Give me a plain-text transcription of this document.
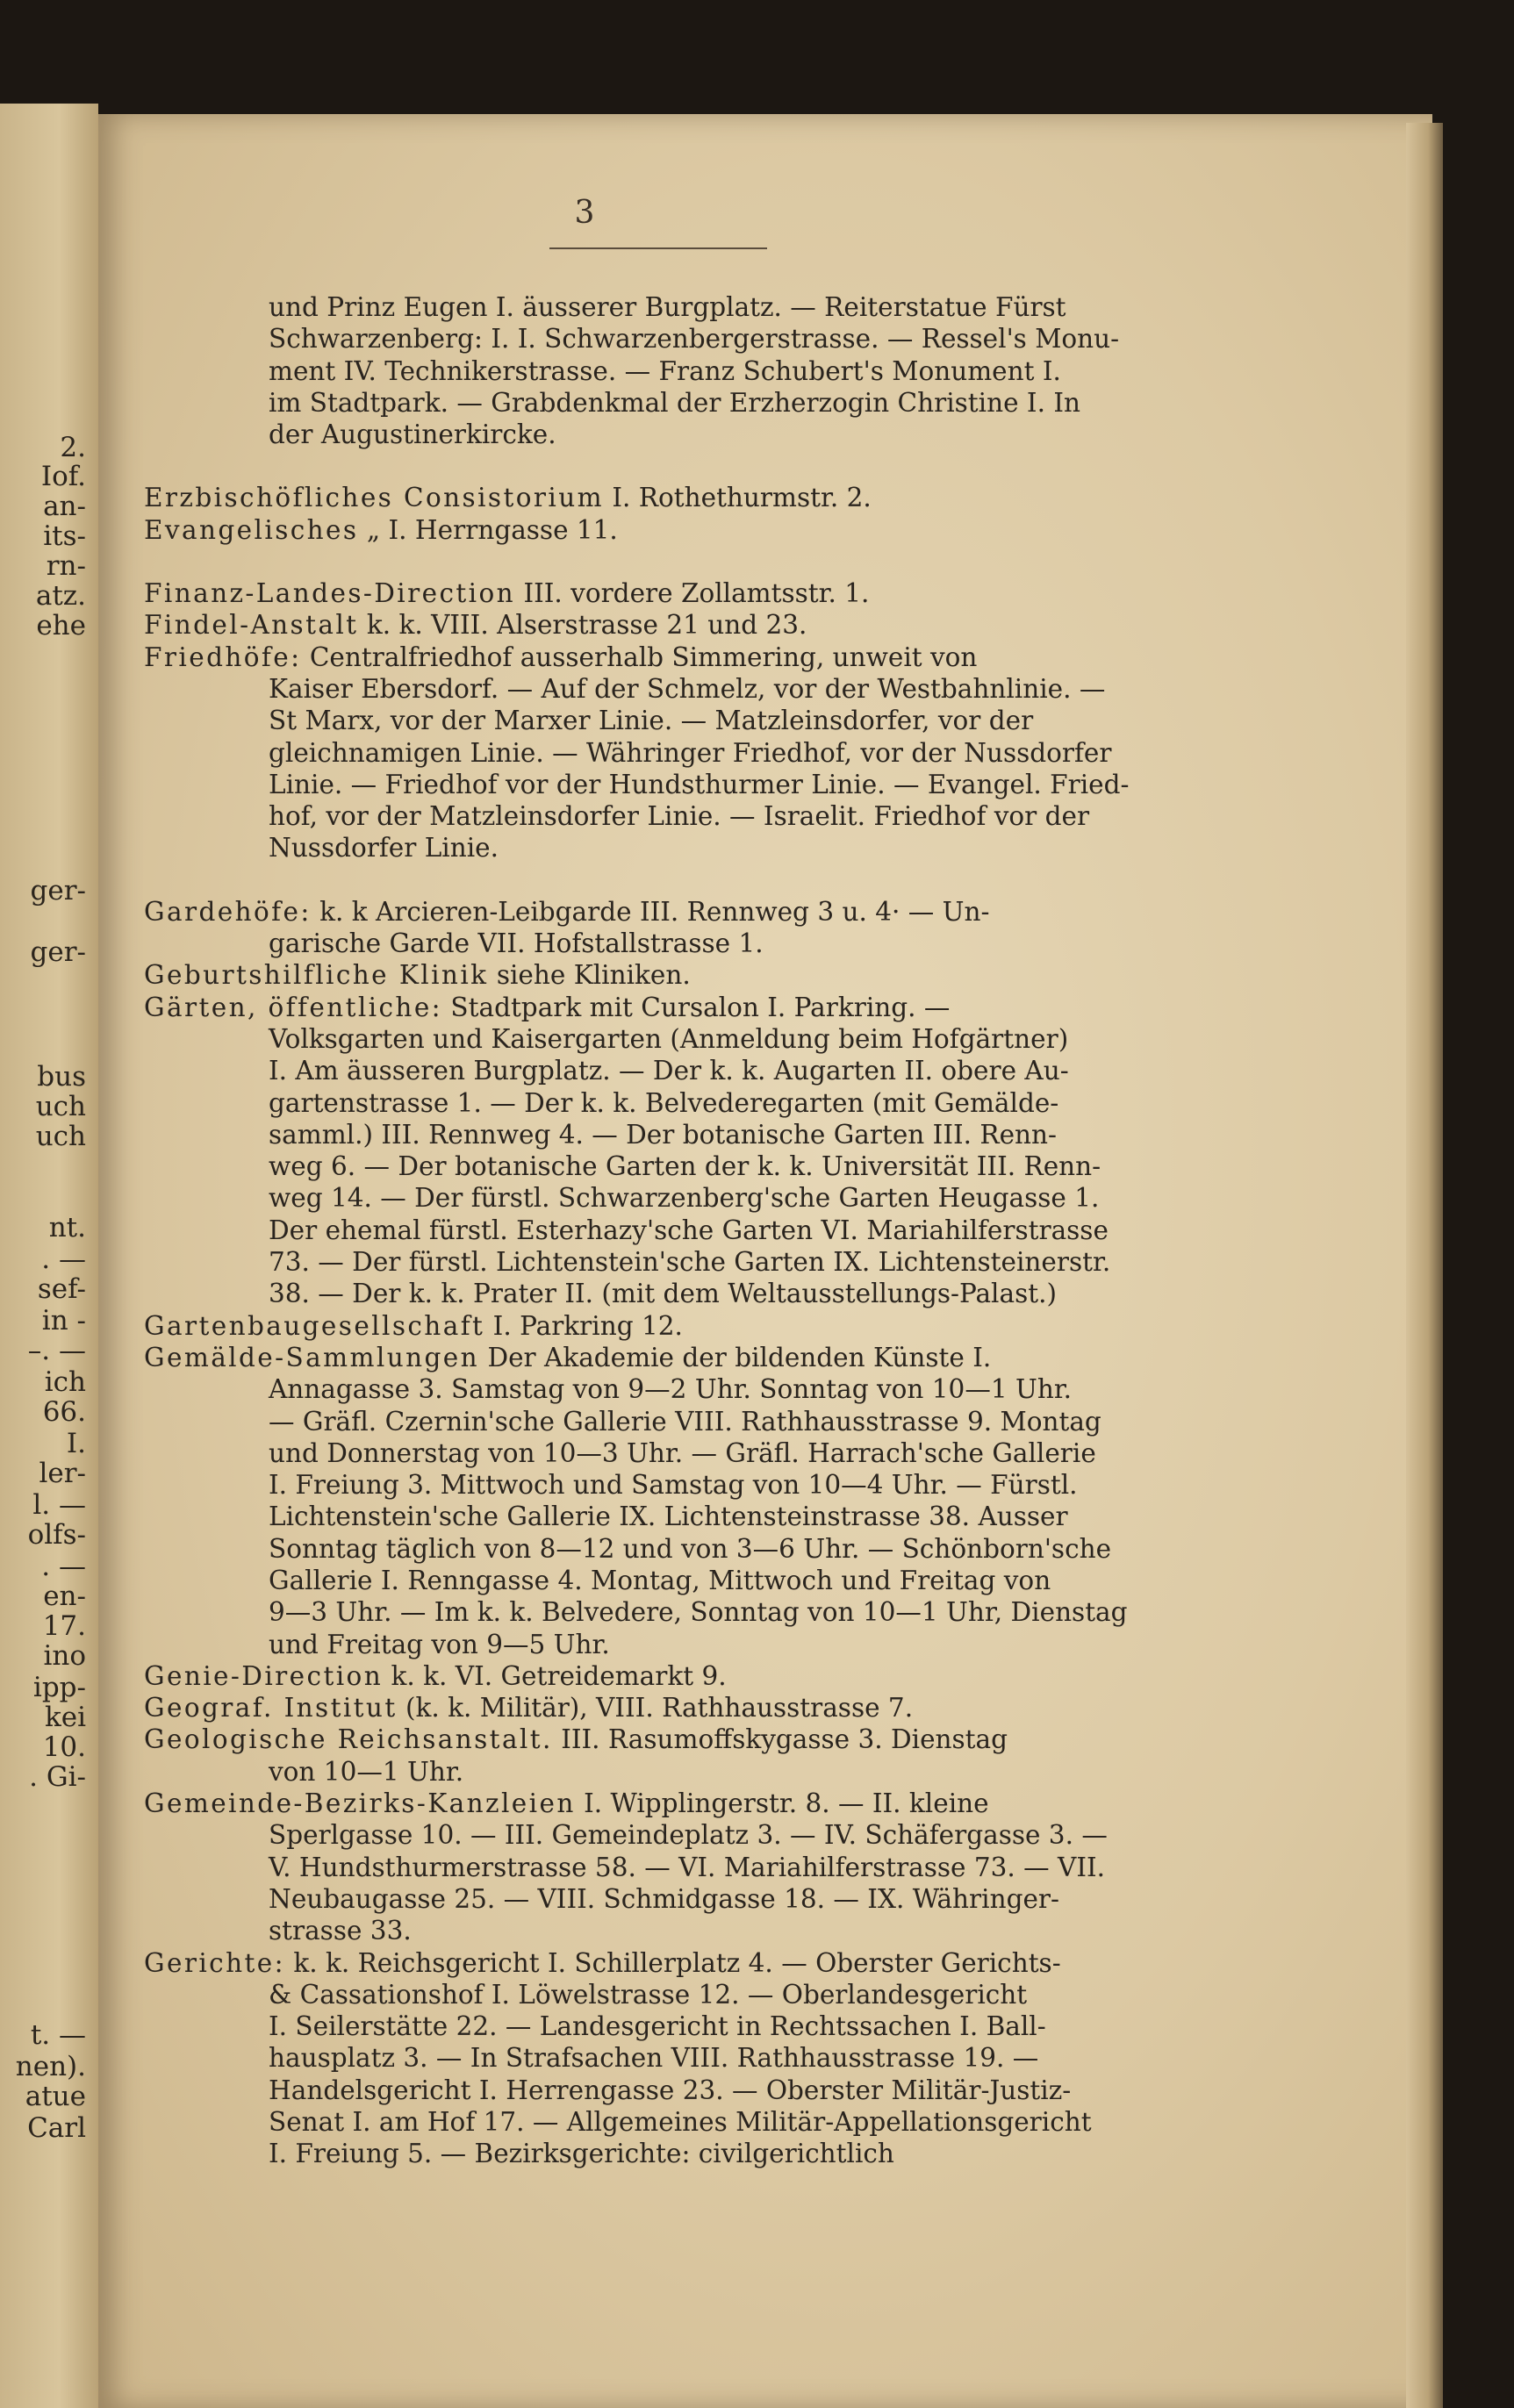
2.
Iof.
an-
its-
rn-
atz.
ehe
ger-
ger-
bus
uch
uch
nt.
. —
sef-
in -
–. —
ich
66.
I.
ler-
l. —
olfs-
. —
en-
17.
ino
ipp-
kei
10.
. Gi-
t. —
nen).
atue
Carl
3
und Prinz Eugen I. äusserer Burgplatz. — Reiterstatue Fürst
Schwarzenberg: I. I. Schwarzenbergerstrasse. — Ressel's Monu-
ment IV. Technikerstrasse. — Franz Schubert's Monument I.
im Stadtpark. — Grabdenkmal der Erzherzogin Christine I. In
der Augustinerkircke.
Erzbischöfliches Consistorium I. Rothethurmstr. 2.
Evangelisches „ I. Herrngasse 11.
Finanz-Landes-Direction III. vordere Zollamtsstr. 1.
Findel-Anstalt k. k. VIII. Alserstrasse 21 und 23.
Friedhöfe: Centralfriedhof ausserhalb Simmering, unweit von
Kaiser Ebersdorf. — Auf der Schmelz, vor der Westbahnlinie. —
St Marx, vor der Marxer Linie. — Matzleinsdorfer, vor der
gleichnamigen Linie. — Währinger Friedhof, vor der Nussdorfer
Linie. — Friedhof vor der Hundsthurmer Linie. — Evangel. Fried-
hof, vor der Matzleinsdorfer Linie. — Israelit. Friedhof vor der
Nussdorfer Linie.
Gardehöfe: k. k Arcieren-Leibgarde III. Rennweg 3 u. 4· — Un-
garische Garde VII. Hofstallstrasse 1.
Geburtshilfliche Klinik siehe Kliniken.
Gärten, öffentliche: Stadtpark mit Cursalon I. Parkring. —
Volksgarten und Kaisergarten (Anmeldung beim Hofgärtner)
I. Am äusseren Burgplatz. — Der k. k. Augarten II. obere Au-
gartenstrasse 1. — Der k. k. Belvederegarten (mit Gemälde-
samml.) III. Rennweg 4. — Der botanische Garten III. Renn-
weg 6. — Der botanische Garten der k. k. Universität III. Renn-
weg 14. — Der fürstl. Schwarzenberg'sche Garten Heugasse 1.
Der ehemal fürstl. Esterhazy'sche Garten VI. Mariahilferstrasse
73. — Der fürstl. Lichtenstein'sche Garten IX. Lichtensteinerstr.
38. — Der k. k. Prater II. (mit dem Weltausstellungs-Palast.)
Gartenbaugesellschaft I. Parkring 12.
Gemälde-Sammlungen Der Akademie der bildenden Künste I.
Annagasse 3. Samstag von 9—2 Uhr. Sonntag von 10—1 Uhr.
— Gräfl. Czernin'sche Gallerie VIII. Rathhausstrasse 9. Montag
und Donnerstag von 10—3 Uhr. — Gräfl. Harrach'sche Gallerie
I. Freiung 3. Mittwoch und Samstag von 10—4 Uhr. — Fürstl.
Lichtenstein'sche Gallerie IX. Lichtensteinstrasse 38. Ausser
Sonntag täglich von 8—12 und von 3—6 Uhr. — Schönborn'sche
Gallerie I. Renngasse 4. Montag, Mittwoch und Freitag von
9—3 Uhr. — Im k. k. Belvedere, Sonntag von 10—1 Uhr, Dienstag
und Freitag von 9—5 Uhr.
Genie-Direction k. k. VI. Getreidemarkt 9.
Geograf. Institut (k. k. Militär), VIII. Rathhausstrasse 7.
Geologische Reichsanstalt. III. Rasumoffskygasse 3. Dienstag
von 10—1 Uhr.
Gemeinde-Bezirks-Kanzleien I. Wipplingerstr. 8. — II. kleine
Sperlgasse 10. — III. Gemeindeplatz 3. — IV. Schäfergasse 3. —
V. Hundsthurmerstrasse 58. — VI. Mariahilferstrasse 73. — VII.
Neubaugasse 25. — VIII. Schmidgasse 18. — IX. Währinger-
strasse 33.
Gerichte: k. k. Reichsgericht I. Schillerplatz 4. — Oberster Gerichts-
& Cassationshof I. Löwelstrasse 12. — Oberlandesgericht
I. Seilerstätte 22. — Landesgericht in Rechtssachen I. Ball-
hausplatz 3. — In Strafsachen VIII. Rathhausstrasse 19. —
Handelsgericht I. Herrengasse 23. — Oberster Militär-Justiz-
Senat I. am Hof 17. — Allgemeines Militär-Appellationsgericht
I. Freiung 5. — Bezirksgerichte: civilgerichtlich
